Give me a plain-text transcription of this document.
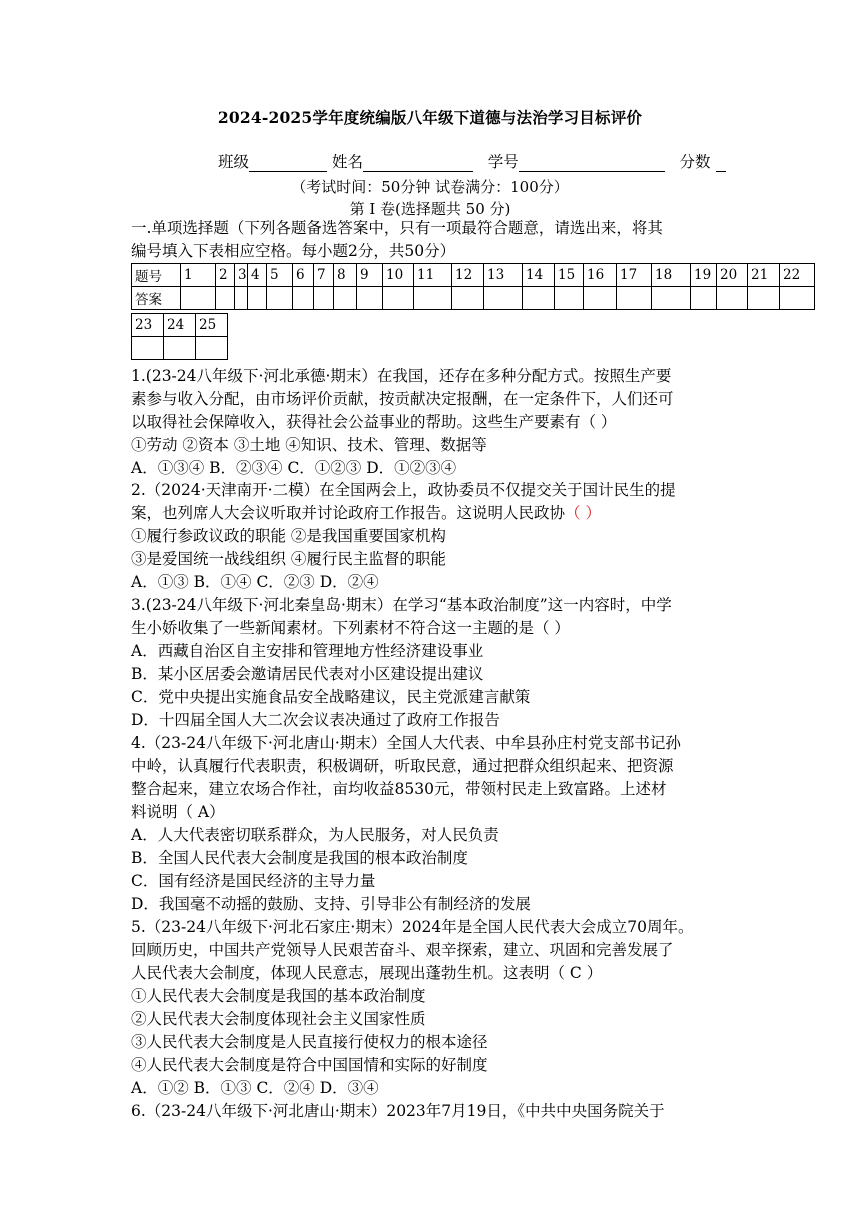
2024-2025学年度统编版八年级下道德与法治学习目标评价
班级	姓名	学号	分数
（考试时间：50分钟 试卷满分：100分）
第 I 卷(选择题共 50 分)
一.单项选择题（下列各题备选答案中，只有一项最符合题意，请选出来，将其
编号填入下表相应空格。每小题2分，共50分）
题号	1	2	3	4	5	6	7	8	9	10	11	12	13	14	15	16	17	18	19	20	21	22
答案																						
23	24	25

1.(23-24八年级下·河北承德·期末）在我国，还存在多种分配方式。按照生产要
素参与收入分配，由市场评价贡献，按贡献决定报酬，在一定条件下，人们还可
以取得社会保障收入，获得社会公益事业的帮助。这些生产要素有（ ）
①劳动 ②资本 ③土地 ④知识、技术、管理、数据等
A．①③④ B．②③④ C．①②③ D．①②③④
2.（2024·天津南开·二模）在全国两会上，政协委员不仅提交关于国计民生的提
案，也列席人大会议听取并讨论政府工作报告。这说明人民政协（ ）
①履行参政议政的职能 ②是我国重要国家机构
③是爱国统一战线组织 ④履行民主监督的职能
A．①③ B．①④ C．②③ D．②④
3.(23-24八年级下·河北秦皇岛·期末）在学习“基本政治制度”这一内容时，中学
生小娇收集了一些新闻素材。下列素材不符合这一主题的是（ ）
A．西藏自治区自主安排和管理地方性经济建设事业
B．某小区居委会邀请居民代表对小区建设提出建议
C．党中央提出实施食品安全战略建议，民主党派建言献策
D．十四届全国人大二次会议表决通过了政府工作报告
4.（23-24八年级下·河北唐山·期末）全国人大代表、中牟县孙庄村党支部书记孙
中岭，认真履行代表职责，积极调研，听取民意，通过把群众组织起来、把资源
整合起来，建立农场合作社，亩均收益8530元，带领村民走上致富路。上述材
料说明（ A）
A．人大代表密切联系群众，为人民服务，对人民负责
B．全国人民代表大会制度是我国的根本政治制度
C．国有经济是国民经济的主导力量
D．我国毫不动摇的鼓励、支持、引导非公有制经济的发展
5.（23-24八年级下·河北石家庄·期末）2024年是全国人民代表大会成立70周年。
回顾历史，中国共产党领导人民艰苦奋斗、艰辛探索，建立、巩固和完善发展了
人民代表大会制度，体现人民意志，展现出蓬勃生机。这表明（ C ）
①人民代表大会制度是我国的基本政治制度
②人民代表大会制度体现社会主义国家性质
③人民代表大会制度是人民直接行使权力的根本途径
④人民代表大会制度是符合中国国情和实际的好制度
A．①② B．①③ C．②④ D．③④
6.（23-24八年级下·河北唐山·期末）2023年7月19日，《中共中央国务院关于
